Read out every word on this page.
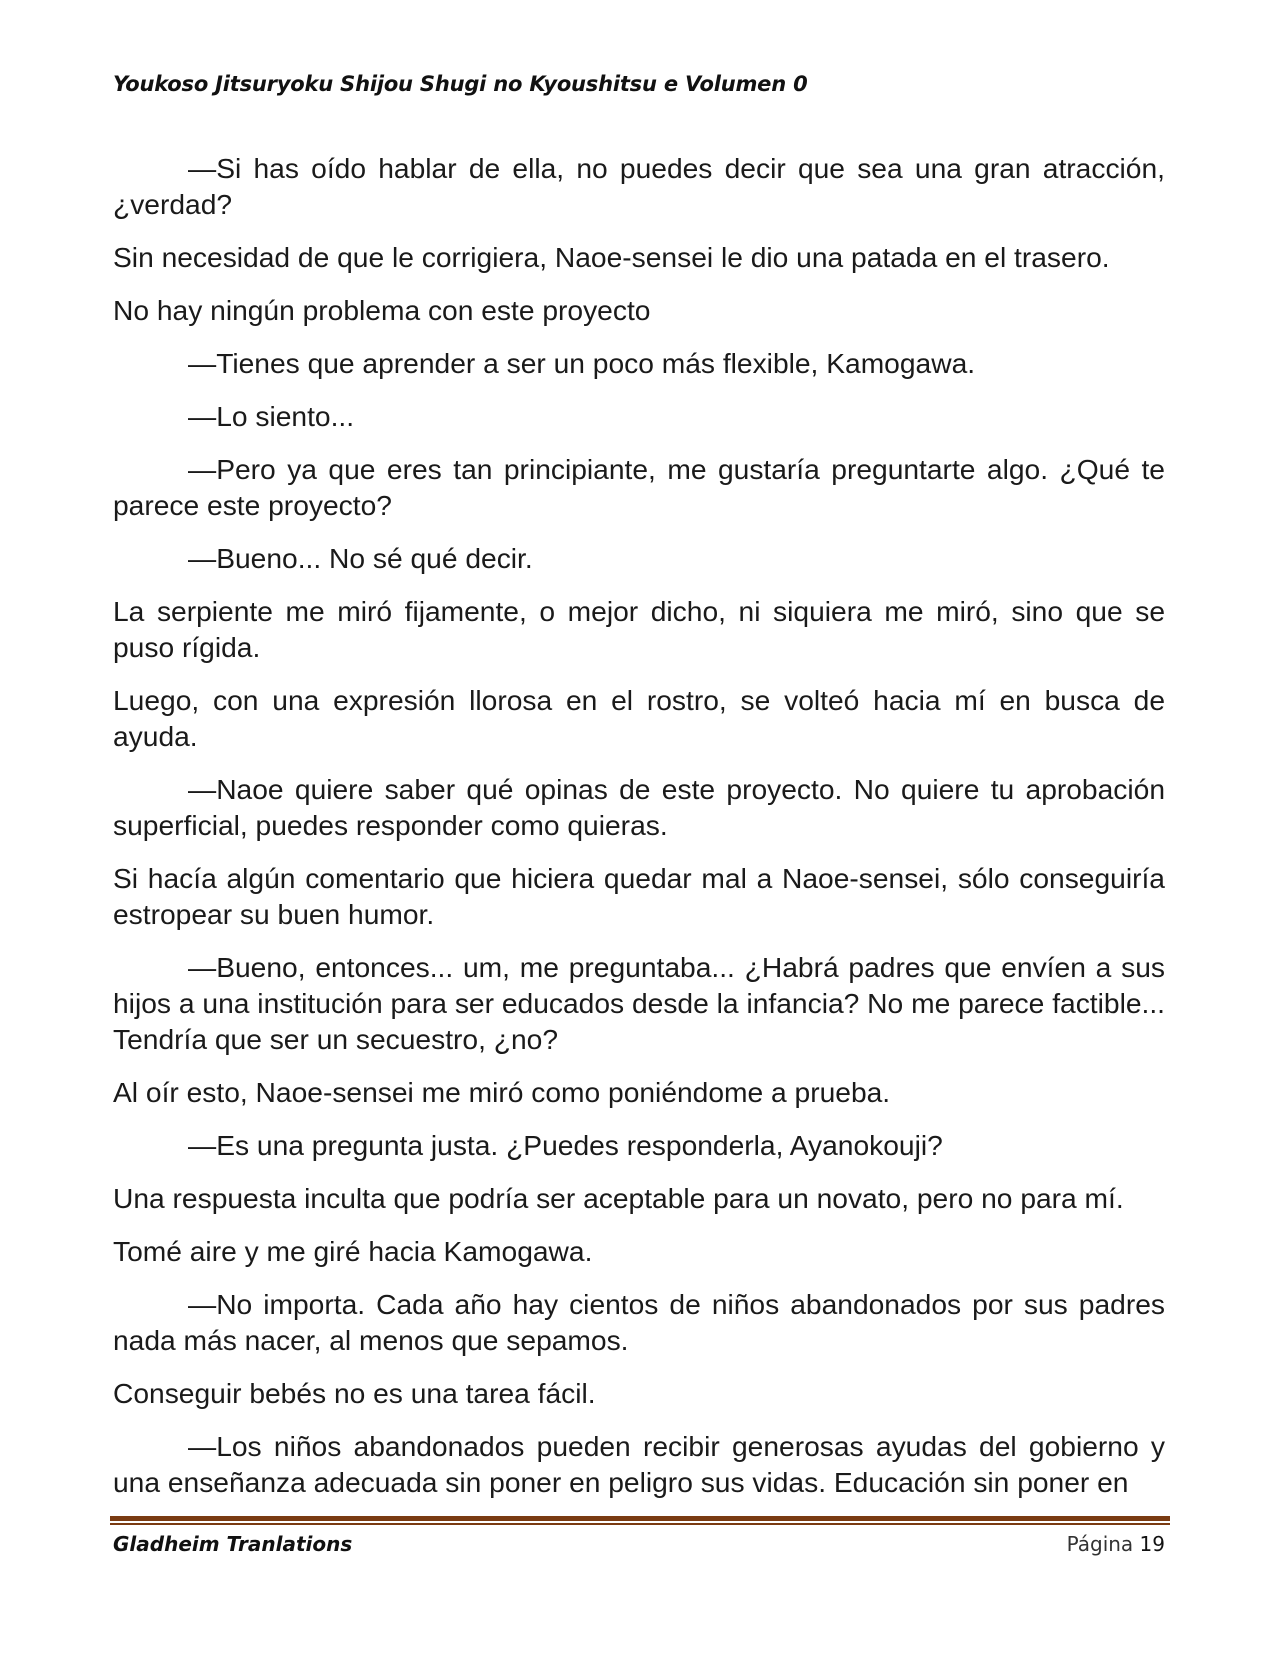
Youkoso Jitsuryoku Shijou Shugi no Kyoushitsu e Volumen 0

—Si has oído hablar de ella, no puedes decir que sea una gran atracción, ¿verdad?

Sin necesidad de que le corrigiera, Naoe-sensei le dio una patada en el trasero.

No hay ningún problema con este proyecto

—Tienes que aprender a ser un poco más flexible, Kamogawa.

—Lo siento...

—Pero ya que eres tan principiante, me gustaría preguntarte algo. ¿Qué te parece este proyecto?

—Bueno... No sé qué decir.

La serpiente me miró fijamente, o mejor dicho, ni siquiera me miró, sino que se puso rígida.

Luego, con una expresión llorosa en el rostro, se volteó hacia mí en busca de ayuda.

—Naoe quiere saber qué opinas de este proyecto. No quiere tu aprobación superficial, puedes responder como quieras.

Si hacía algún comentario que hiciera quedar mal a Naoe-sensei, sólo conseguiría estropear su buen humor.

—Bueno, entonces... um, me preguntaba... ¿Habrá padres que envíen a sus hijos a una institución para ser educados desde la infancia? No me parece factible... Tendría que ser un secuestro, ¿no?

Al oír esto, Naoe-sensei me miró como poniéndome a prueba.

—Es una pregunta justa. ¿Puedes responderla, Ayanokouji?

Una respuesta inculta que podría ser aceptable para un novato, pero no para mí.

Tomé aire y me giré hacia Kamogawa.

—No importa. Cada año hay cientos de niños abandonados por sus padres nada más nacer, al menos que sepamos.

Conseguir bebés no es una tarea fácil.

—Los niños abandonados pueden recibir generosas ayudas del gobierno y una enseñanza adecuada sin poner en peligro sus vidas. Educación sin poner en

Gladheim Tranlations	Página 19
